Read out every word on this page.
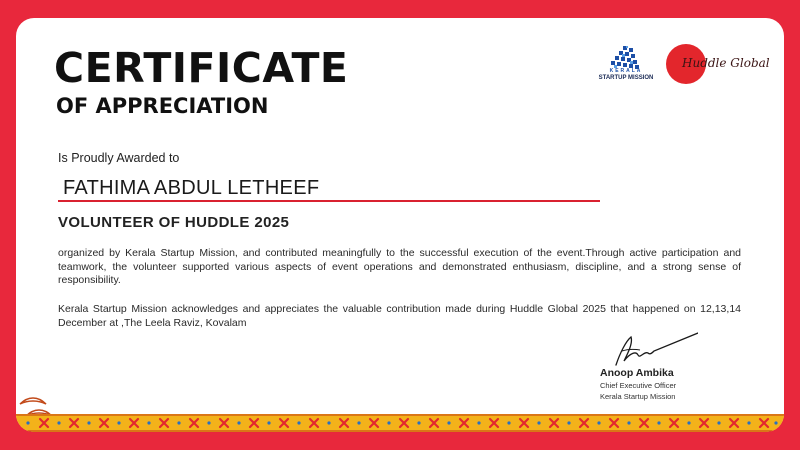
CERTIFICATE
OF APPRECIATION
KERALA
STARTUP MISSION
Huddle Global
Is Proudly Awarded to
FATHIMA ABDUL LETHEEF
VOLUNTEER OF HUDDLE 2025
organized by Kerala Startup Mission, and contributed meaningfully to the successful execution of the event.Through active participation and teamwork, the volunteer supported various aspects of event operations and demonstrated enthusiasm, discipline, and a strong sense of responsibility.
Kerala Startup Mission acknowledges and appreciates the valuable contribution made during Huddle Global 2025 that happened on 12,13,14 December at ,The Leela Raviz, Kovalam
Anoop Ambika
Chief Executive Officer
Kerala Startup Mission
